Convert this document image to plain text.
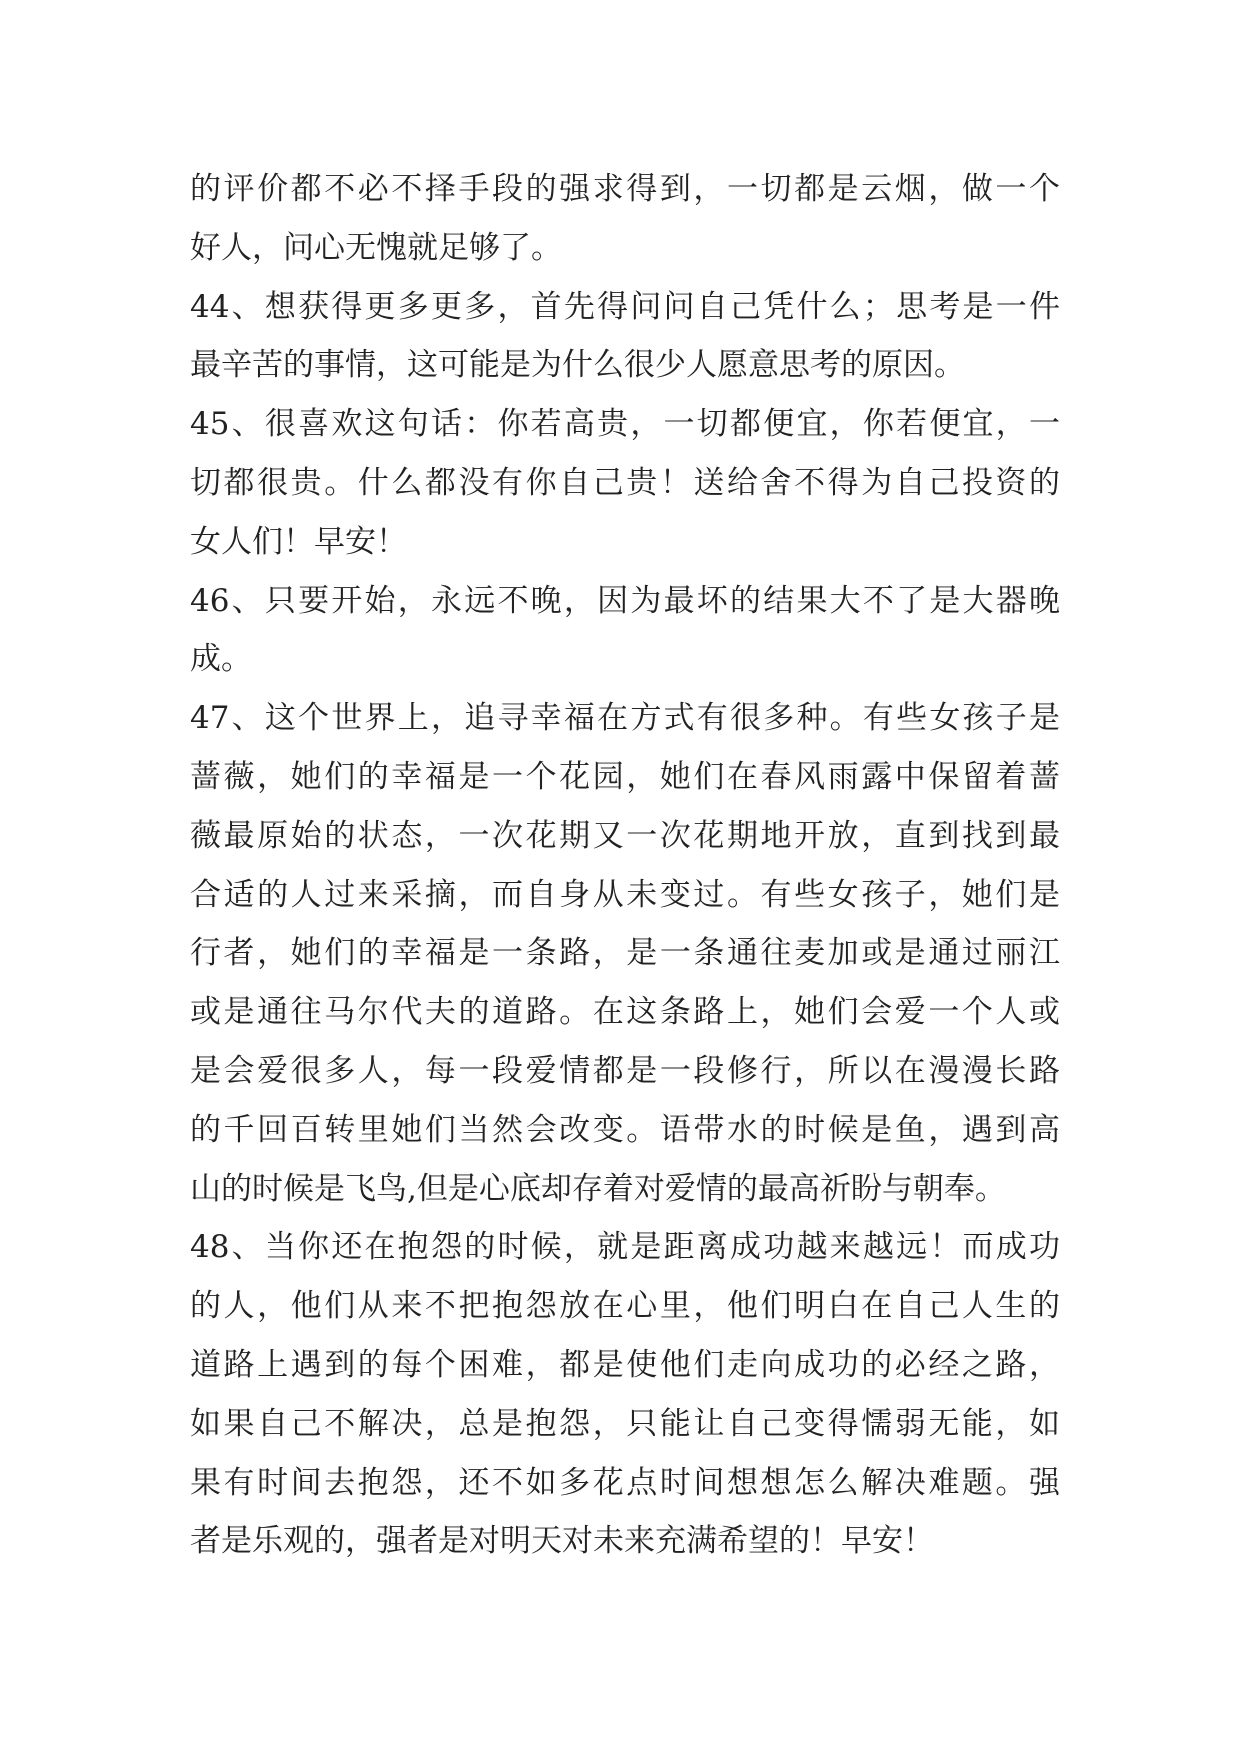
的评价都不必不择手段的强求得到，一切都是云烟，做一个
好人，问心无愧就足够了。
44、想获得更多更多，首先得问问自己凭什么；思考是一件
最辛苦的事情，这可能是为什么很少人愿意思考的原因。
45、很喜欢这句话：你若高贵，一切都便宜，你若便宜，一
切都很贵。什么都没有你自己贵！送给舍不得为自己投资的
女人们！早安！
46、只要开始，永远不晚，因为最坏的结果大不了是大器晚
成。
47、这个世界上，追寻幸福在方式有很多种。有些女孩子是
蔷薇，她们的幸福是一个花园，她们在春风雨露中保留着蔷
薇最原始的状态，一次花期又一次花期地开放，直到找到最
合适的人过来采摘，而自身从未变过。有些女孩子，她们是
行者，她们的幸福是一条路，是一条通往麦加或是通过丽江
或是通往马尔代夫的道路。在这条路上，她们会爱一个人或
是会爱很多人，每一段爱情都是一段修行，所以在漫漫长路
的千回百转里她们当然会改变。语带水的时候是鱼，遇到高
山的时候是飞鸟,但是心底却存着对爱情的最高祈盼与朝奉。
48、当你还在抱怨的时候，就是距离成功越来越远！而成功
的人，他们从来不把抱怨放在心里，他们明白在自己人生的
道路上遇到的每个困难，都是使他们走向成功的必经之路，
如果自己不解决，总是抱怨，只能让自己变得懦弱无能，如
果有时间去抱怨，还不如多花点时间想想怎么解决难题。强
者是乐观的，强者是对明天对未来充满希望的！早安！
